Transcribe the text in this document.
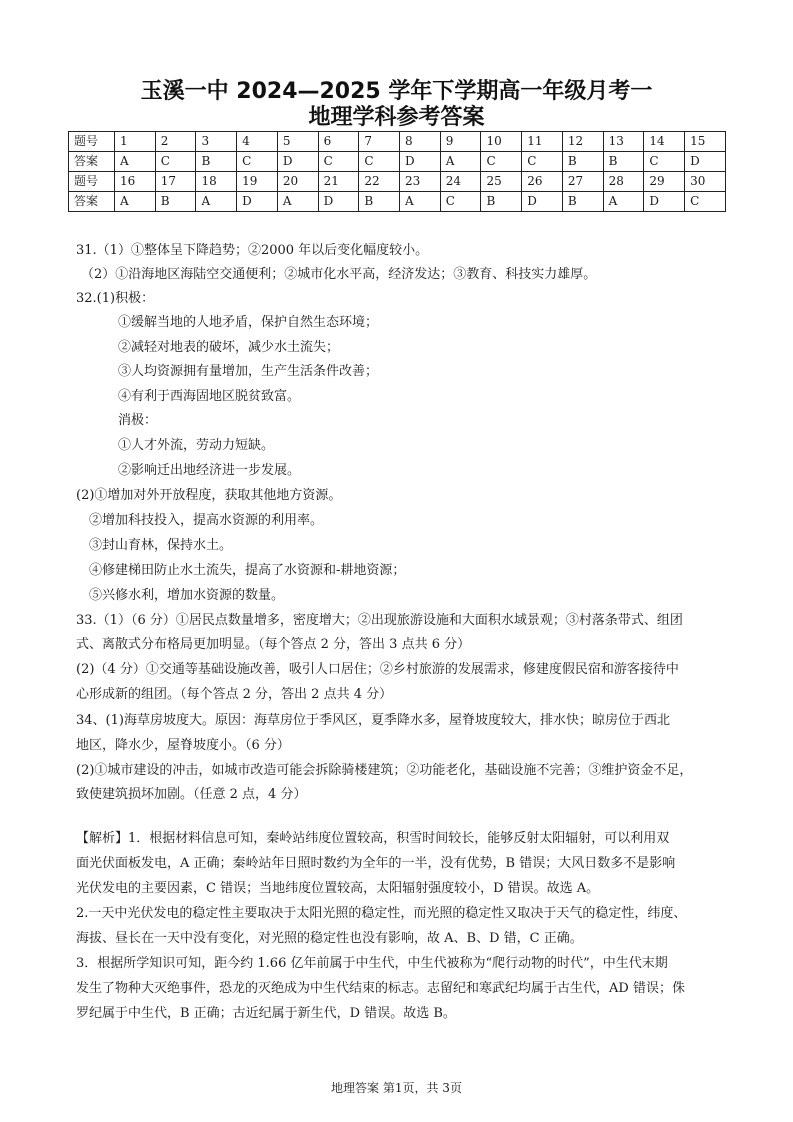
玉溪一中 2024—2025 学年下学期高一年级月考一
地理学科参考答案
题号	1	2	3	4	5	6	7	8	9	10	11	12	13	14	15
答案	A	C	B	C	D	C	C	D	A	C	C	B	B	C	D
题号	16	17	18	19	20	21	22	23	24	25	26	27	28	29	30
答案	A	B	A	D	A	D	B	A	C	B	D	B	A	D	C
31.（1）①整体呈下降趋势；②2000 年以后变化幅度较小。
（2）①沿海地区海陆空交通便利；②城市化水平高，经济发达；③教育、科技实力雄厚。
32.(1)积极：
①缓解当地的人地矛盾，保护自然生态环境；
②减轻对地表的破坏，减少水土流失；
③人均资源拥有量增加，生产生活条件改善；
④有利于西海固地区脱贫致富。
消极：
①人才外流，劳动力短缺。
②影响迁出地经济进一步发展。
(2)①增加对外开放程度，获取其他地方资源。
②增加科技投入，提高水资源的利用率。
③封山育林，保持水土。
④修建梯田防止水土流失，提高了水资源和-耕地资源；
⑤兴修水利，增加水资源的数量。
33.（1）（6 分）①居民点数量增多，密度增大；②出现旅游设施和大面积水域景观；③村落条带式、组团
式、离散式分布格局更加明显。（每个答点 2 分，答出 3 点共 6 分）
(2)（4 分）①交通等基础设施改善，吸引人口居住；②乡村旅游的发展需求，修建度假民宿和游客接待中
心形成新的组团。（每个答点 2 分，答出 2 点共 4 分）
34、(1)海草房坡度大。原因：海草房位于季风区，夏季降水多，屋脊坡度较大，排水快；晾房位于西北
地区，降水少，屋脊坡度小。（6 分）
(2)①城市建设的冲击，如城市改造可能会拆除骑楼建筑；②功能老化，基础设施不完善；③维护资金不足，
致使建筑损坏加剧。（任意 2 点，4 分）
【解析】1．根据材料信息可知，秦岭站纬度位置较高，积雪时间较长，能够反射太阳辐射，可以利用双
面光伏面板发电，A 正确；秦岭站年日照时数约为全年的一半，没有优势，B 错误；大风日数多不是影响
光伏发电的主要因素，C 错误；当地纬度位置较高，太阳辐射强度较小，D 错误。故选 A。
2.一天中光伏发电的稳定性主要取决于太阳光照的稳定性，而光照的稳定性又取决于天气的稳定性，纬度、
海拔、昼长在一天中没有变化，对光照的稳定性也没有影响，故 A、B、D 错，C 正确。
3．根据所学知识可知，距今约 1.66 亿年前属于中生代，中生代被称为“爬行动物的时代”，中生代末期
发生了物种大灭绝事件，恐龙的灭绝成为中生代结束的标志。志留纪和寒武纪均属于古生代，AD 错误；侏
罗纪属于中生代，B 正确；古近纪属于新生代，D 错误。故选 B。
地理答案 第1页，共 3页
